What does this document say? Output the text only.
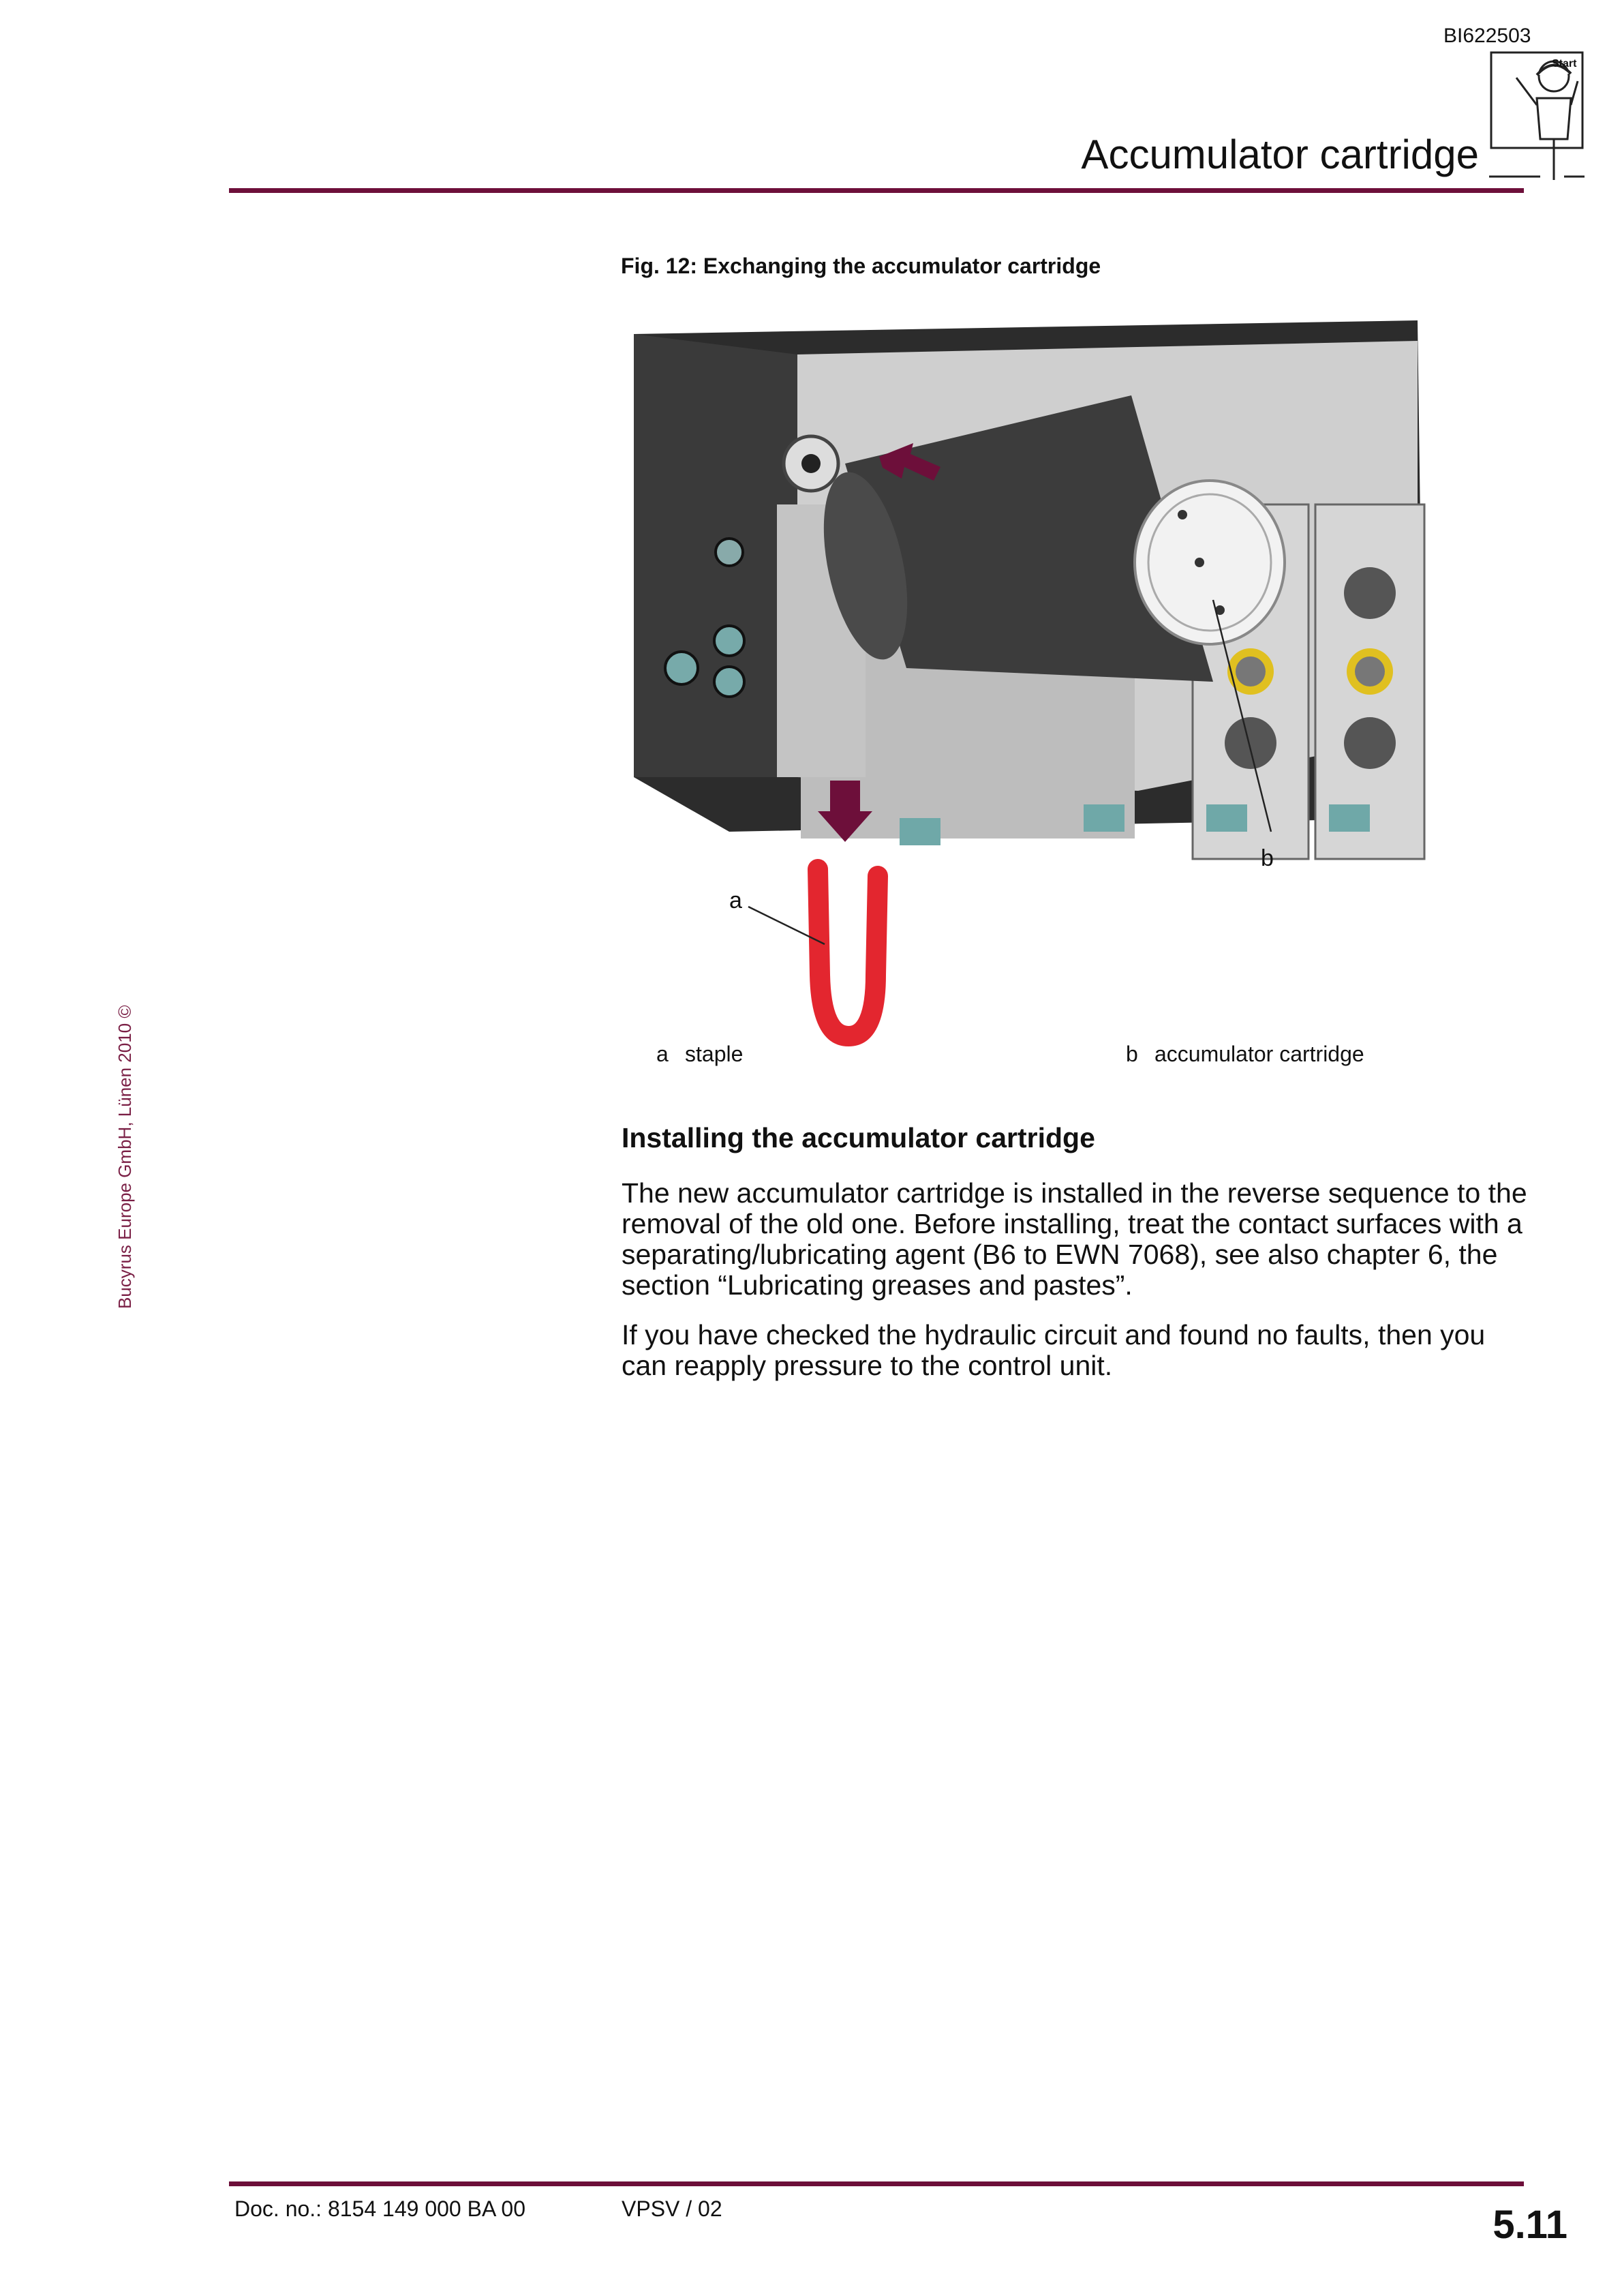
BI622503
Start
Accumulator cartridge
Fig. 12: Exchanging the accumulator cartridge
a
b
a staple	b accumulator cartridge
Installing the accumulator cartridge

The new accumulator cartridge is installed in the reverse sequence to the removal of the old one. Before installing, treat the contact surfaces with a separating/lubricating agent (B6 to EWN 7068), see also chapter 6, the section “Lubricating greases and pastes”.

If you have checked the hydraulic circuit and found no faults, then you can reapply pressure to the control unit.

Bucyrus Europe GmbH, Lünen 2010 ©
Doc. no.: 8154 149 000 BA 00	VPSV / 02	5.11
